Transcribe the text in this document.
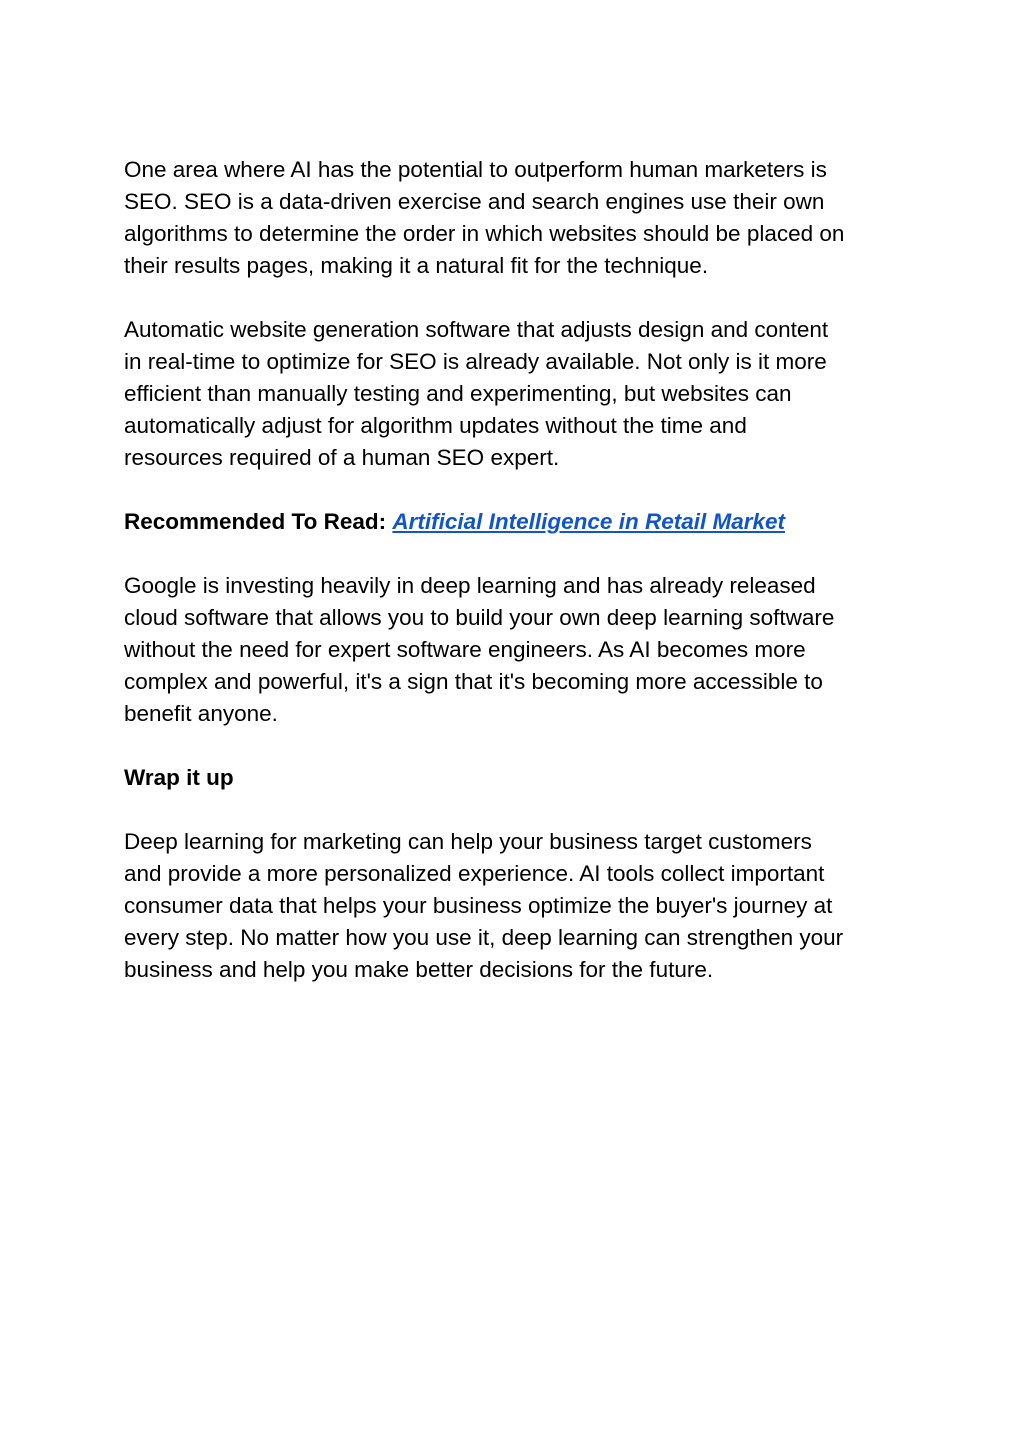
One area where AI has the potential to outperform human marketers is
SEO. SEO is a data-driven exercise and search engines use their own
algorithms to determine the order in which websites should be placed on
their results pages, making it a natural fit for the technique.
Automatic website generation software that adjusts design and content
in real-time to optimize for SEO is already available. Not only is it more
efficient than manually testing and experimenting, but websites can
automatically adjust for algorithm updates without the time and
resources required of a human SEO expert.
Recommended To Read: Artificial Intelligence in Retail Market
Google is investing heavily in deep learning and has already released
cloud software that allows you to build your own deep learning software
without the need for expert software engineers. As AI becomes more
complex and powerful, it's a sign that it's becoming more accessible to
benefit anyone.
Wrap it up
Deep learning for marketing can help your business target customers
and provide a more personalized experience. AI tools collect important
consumer data that helps your business optimize the buyer's journey at
every step. No matter how you use it, deep learning can strengthen your
business and help you make better decisions for the future.
